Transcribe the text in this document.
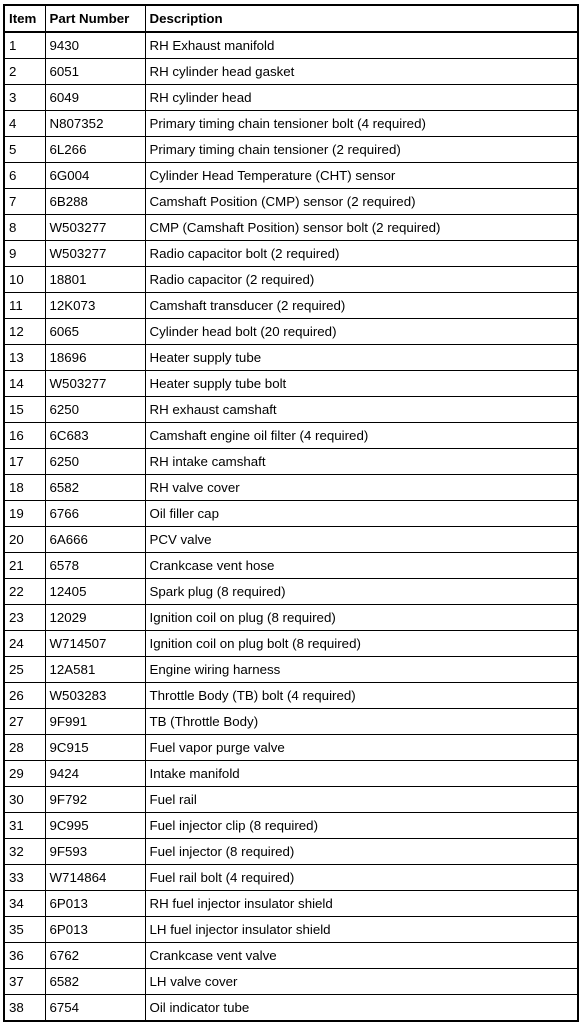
Item	Part Number	Description
1	9430	RH Exhaust manifold
2	6051	RH cylinder head gasket
3	6049	RH cylinder head
4	N807352	Primary timing chain tensioner bolt (4 required)
5	6L266	Primary timing chain tensioner (2 required)
6	6G004	Cylinder Head Temperature (CHT) sensor
7	6B288	Camshaft Position (CMP) sensor (2 required)
8	W503277	CMP (Camshaft Position) sensor bolt (2 required)
9	W503277	Radio capacitor bolt (2 required)
10	18801	Radio capacitor (2 required)
11	12K073	Camshaft transducer (2 required)
12	6065	Cylinder head bolt (20 required)
13	18696	Heater supply tube
14	W503277	Heater supply tube bolt
15	6250	RH exhaust camshaft
16	6C683	Camshaft engine oil filter (4 required)
17	6250	RH intake camshaft
18	6582	RH valve cover
19	6766	Oil filler cap
20	6A666	PCV valve
21	6578	Crankcase vent hose
22	12405	Spark plug (8 required)
23	12029	Ignition coil on plug (8 required)
24	W714507	Ignition coil on plug bolt (8 required)
25	12A581	Engine wiring harness
26	W503283	Throttle Body (TB) bolt (4 required)
27	9F991	TB (Throttle Body)
28	9C915	Fuel vapor purge valve
29	9424	Intake manifold
30	9F792	Fuel rail
31	9C995	Fuel injector clip (8 required)
32	9F593	Fuel injector (8 required)
33	W714864	Fuel rail bolt (4 required)
34	6P013	RH fuel injector insulator shield
35	6P013	LH fuel injector insulator shield
36	6762	Crankcase vent valve
37	6582	LH valve cover
38	6754	Oil indicator tube
